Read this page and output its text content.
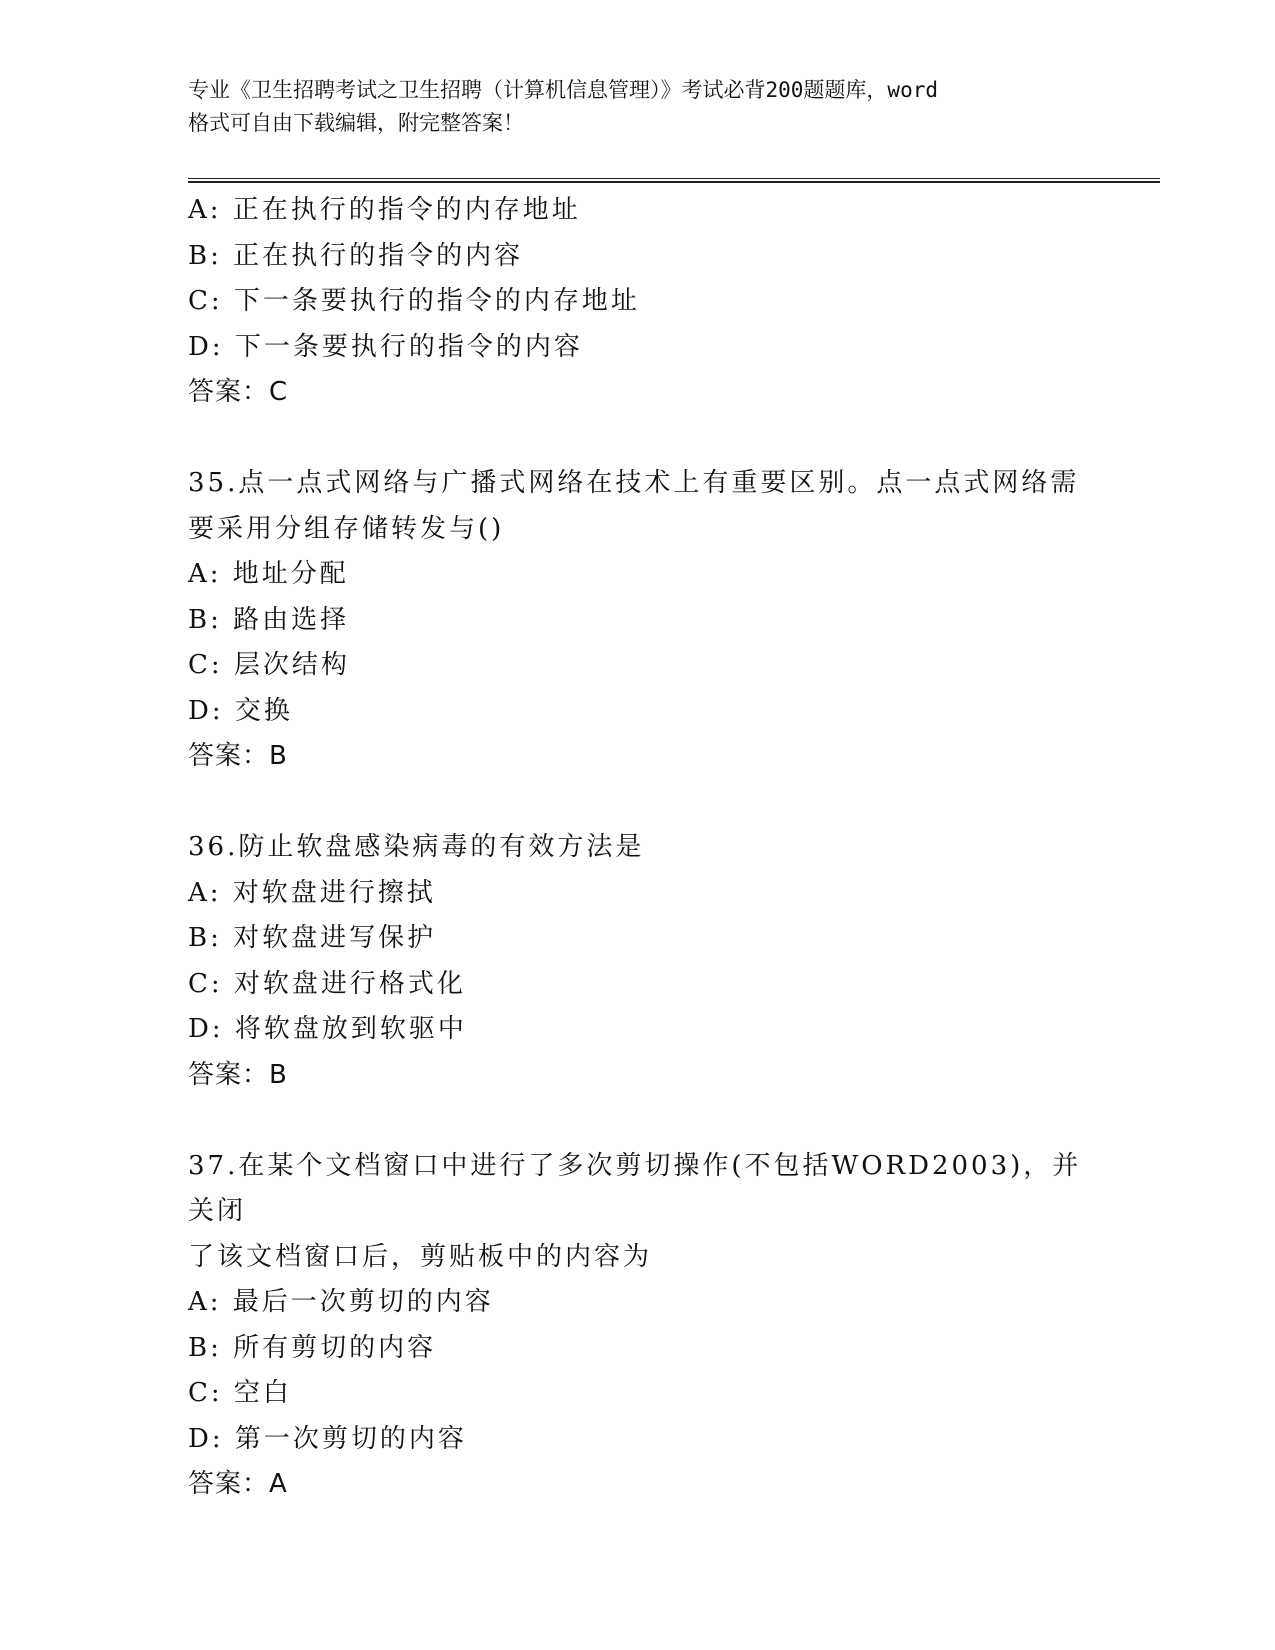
专业《卫生招聘考试之卫生招聘（计算机信息管理）》考试必背200题题库，word
格式可自由下载编辑，附完整答案！
A: 正在执行的指令的内存地址
B: 正在执行的指令的内容
C: 下一条要执行的指令的内存地址
D: 下一条要执行的指令的内容
答案：C
35.点一点式网络与广播式网络在技术上有重要区别。点一点式网络需
要采用分组存储转发与()
A: 地址分配
B: 路由选择
C: 层次结构
D: 交换
答案：B
36.防止软盘感染病毒的有效方法是
A: 对软盘进行擦拭
B: 对软盘进写保护
C: 对软盘进行格式化
D: 将软盘放到软驱中
答案：B
37.在某个文档窗口中进行了多次剪切操作(不包括WORD2003)，并关闭
了该文档窗口后，剪贴板中的内容为
A: 最后一次剪切的内容
B: 所有剪切的内容
C: 空白
D: 第一次剪切的内容
答案：A
